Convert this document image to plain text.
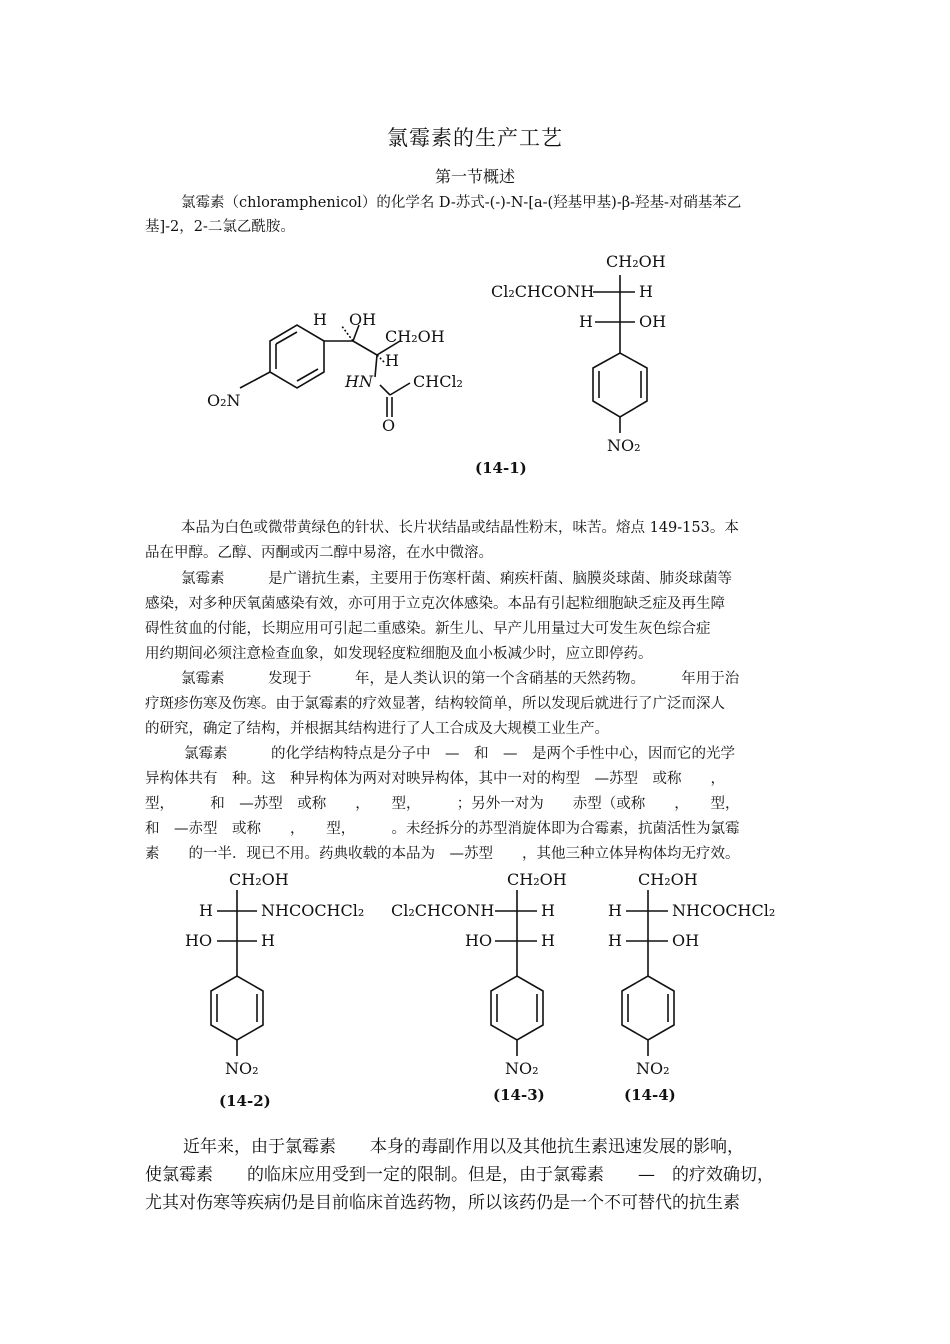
氯霉素的生产工艺
第一节概述
氯霉素（chloramphenicol）的化学名 D-苏式-(-)-N-[a-(羟基甲基)-β-羟基-对硝基苯乙
基]-2，2-二氯乙酰胺。
H OH
CH₂OH
H
HN	CHCl₂
O
O₂N
CH₂OH
Cl₂CHCONH	H
H	OH
NO₂
(14-1)
本品为白色或微带黄绿色的针状、长片状结晶或结晶性粉末，味苦。熔点 149-153。本
品在甲醇。乙醇、丙酮或丙二醇中易溶，在水中微溶。
氯霉素　　　是广谱抗生素，主要用于伤寒杆菌、痢疾杆菌、脑膜炎球菌、肺炎球菌等
感染，对多种厌氧菌感染有效，亦可用于立克次体感染。本品有引起粒细胞缺乏症及再生障
碍性贫血的付能，长期应用可引起二重感染。新生儿、早产儿用量过大可发生灰色综合症
用约期间必须注意检查血象，如发现轻度粒细胞及血小板减少时，应立即停药。
氯霉素　　　发现于　　　年，是人类认识的第一个含硝基的天然药物。　　　年用于治
疗斑疹伤寒及伤寒。由于氯霉素的疗效显著，结构较简单，所以发现后就进行了广泛而深人
的研究，确定了结构，并根据其结构进行了人工合成及大规模工业生产。
氯霉素　　　的化学结构特点是分子中　—　和　—　是两个手性中心，因而它的光学
异构体共有　种。这　种异构体为两对对映异构体，其中一对的构型　—苏型　或称　　，
型，　　　和　—苏型　或称　　，　　型，　　　；另外一对为　　赤型（或称　　，　　型，
和　—赤型　或称　　，　　型，　　　。未经拆分的苏型消旋体即为合霉素，抗菌活性为氯霉
素　　的一半．现已不用。药典收载的本品为　—苏型　　，其他三种立体异构体均无疗效。
CH₂OH
H	NHCOCHCl₂
HO	H
NO₂
(14-2)
CH₂OH
Cl₂CHCONH	H
HO	H
NO₂
(14-3)
CH₂OH
H	NHCOCHCl₂
H	OH
NO₂
(14-4)
近年来，由于氯霉素　　本身的毒副作用以及其他抗生素迅速发展的影响，
使氯霉素　　的临床应用受到一定的限制。但是，由于氯霉素　　—　的疗效确切，
尤其对伤寒等疾病仍是目前临床首选药物，所以该药仍是一个不可替代的抗生素
